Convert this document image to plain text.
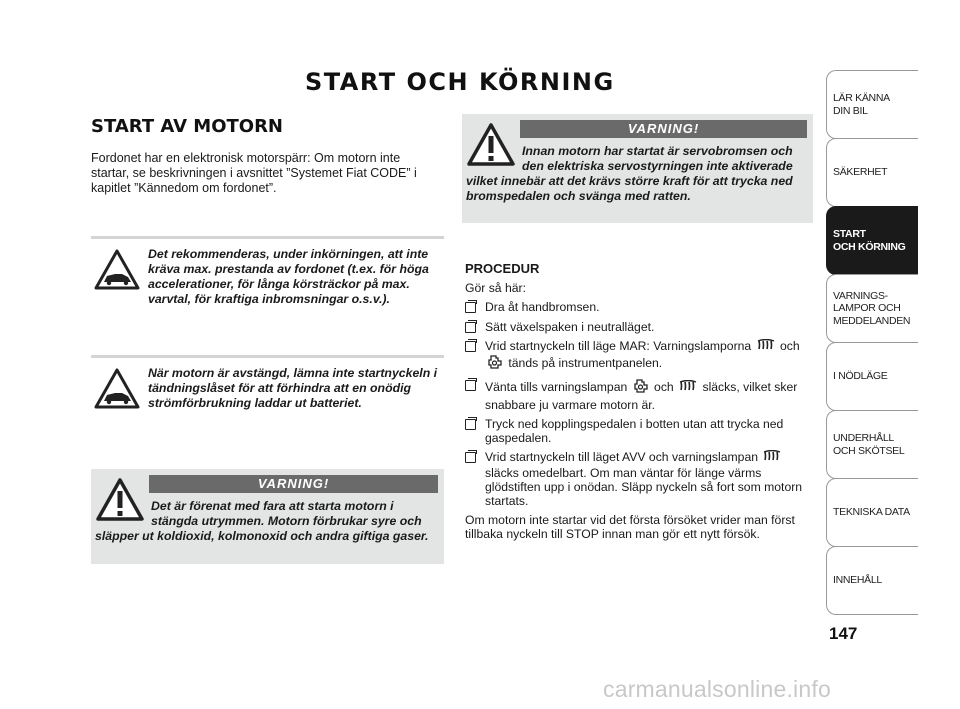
START OCH KÖRNING
START AV MOTORN
Fordonet har en elektronisk motorspärr: Om motorn inte startar, se beskrivningen i avsnittet ”Systemet Fiat CODE” i kapitlet ”Kännedom om fordonet”.
Det rekommenderas, under inkörningen, att inte kräva max. prestanda av fordonet (t.ex. för höga accelerationer, för långa körsträckor på max. varvtal, för kraftiga inbromsningar o.s.v.).
När motorn är avstängd, lämna inte startnyckeln i tändningslåset för att förhindra att en onödig strömförbrukning laddar ut batteriet.
VARNING!
Det är förenat med fara att starta motorn i stängda utrymmen. Motorn förbrukar syre och släpper ut koldioxid, kolmonoxid och andra giftiga gaser.
VARNING!
Innan motorn har startat är servobromsen och den elektriska servostyrningen inte aktiverade vilket innebär att det krävs större kraft för att trycka ned bromspedalen och svänga med ratten.
PROCEDUR
Gör så här:
Dra åt handbromsen.
Sätt växelspaken i neutralläget.
Vrid startnyckeln till läge MAR: Varningslamporna  och  tänds på instrumentpanelen.
Vänta tills varningslampan  och  släcks, vilket sker snabbare ju varmare motorn är.
Tryck ned kopplingspedalen i botten utan att trycka ned gaspedalen.
Vrid startnyckeln till läget AVV och varningslampan  släcks omedelbart. Om man väntar för länge värms glödstiften upp i onödan. Släpp nyckeln så fort som motorn startats.
Om motorn inte startar vid det första försöket vrider man först tillbaka nyckeln till STOP innan man gör ett nytt försök.
LÄR KÄNNA
DIN BIL
SÄKERHET
START
OCH KÖRNING
VARNINGS-
LAMPOR OCH
MEDDELANDEN
I NÖDLÄGE
UNDERHÅLL
OCH SKÖTSEL
TEKNISKA DATA
INNEHÅLL
147
carmanualsonline.info
